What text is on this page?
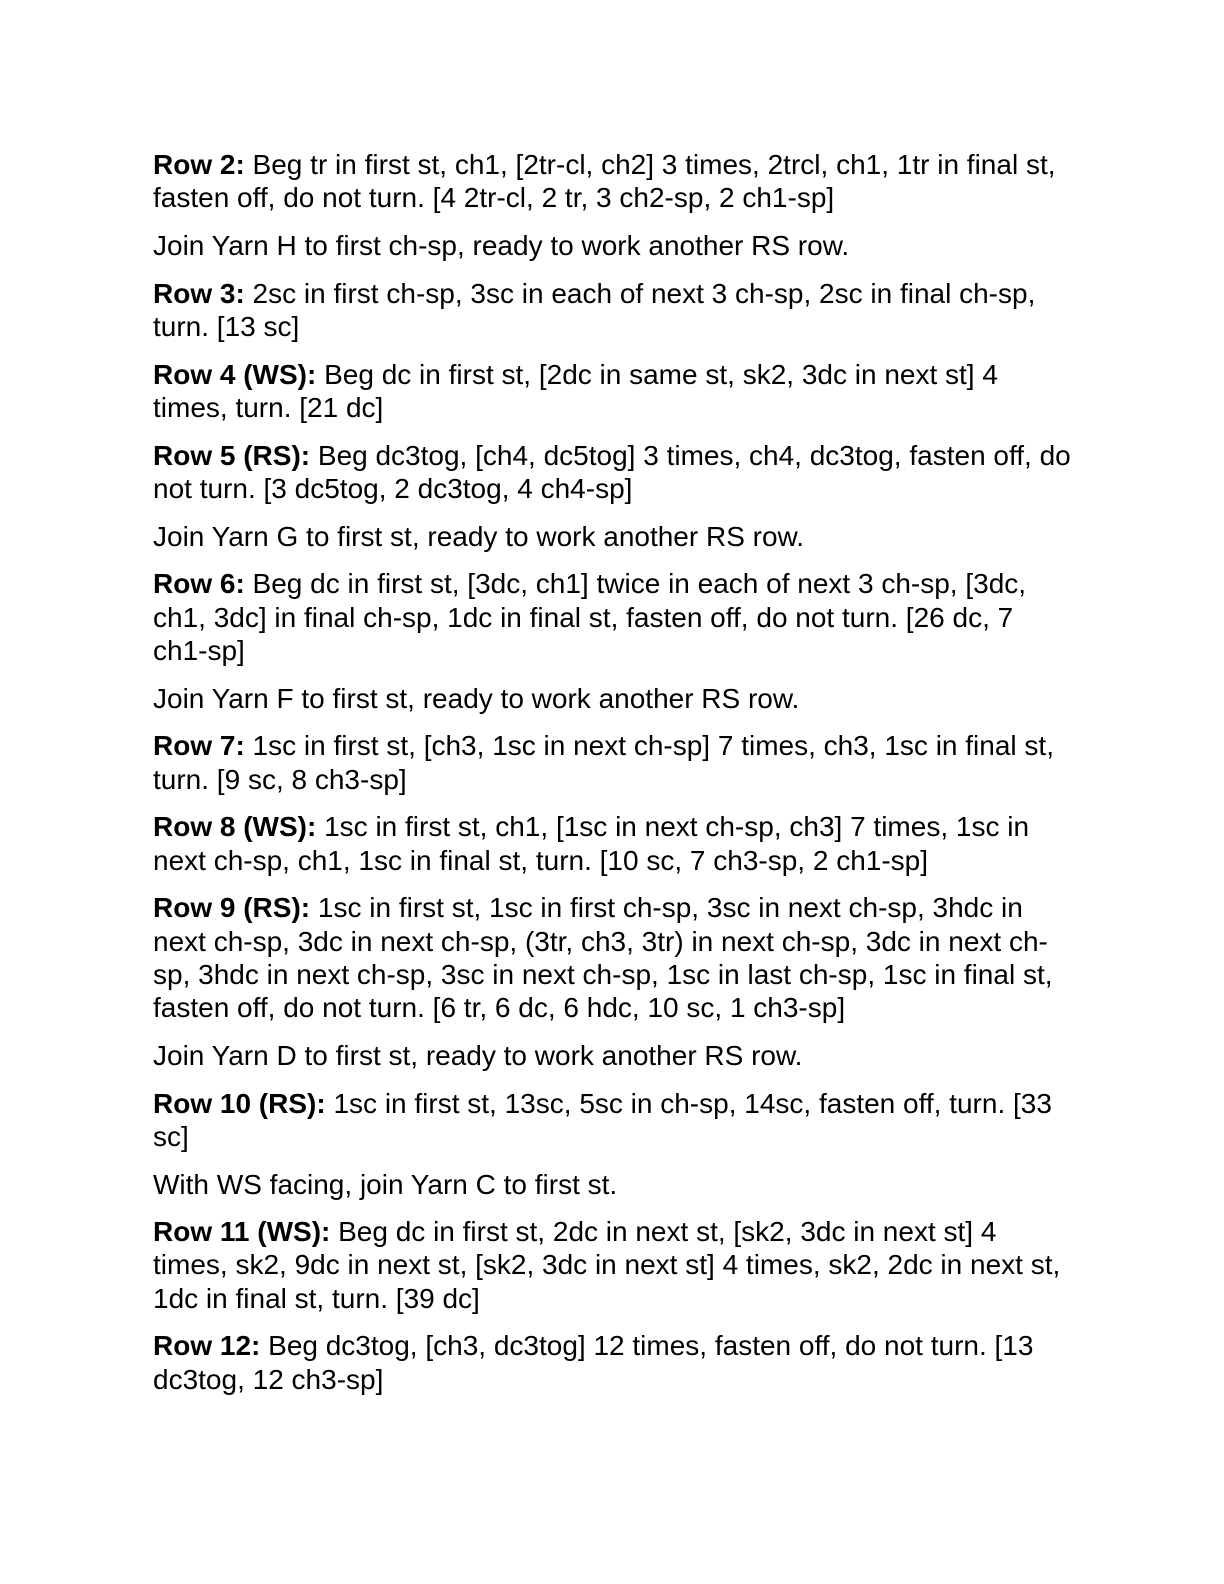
Row 2: Beg tr in first st, ch1, [2tr-cl, ch2] 3 times, 2trcl, ch1, 1tr in final st, fasten off, do not turn. [4 2tr-cl, 2 tr, 3 ch2-sp, 2 ch1-sp]

Join Yarn H to first ch-sp, ready to work another RS row.

Row 3: 2sc in first ch-sp, 3sc in each of next 3 ch-sp, 2sc in final ch-sp, turn. [13 sc]

Row 4 (WS): Beg dc in first st, [2dc in same st, sk2, 3dc in next st] 4 times, turn. [21 dc]

Row 5 (RS): Beg dc3tog, [ch4, dc5tog] 3 times, ch4, dc3tog, fasten off, do not turn. [3 dc5tog, 2 dc3tog, 4 ch4-sp]

Join Yarn G to first st, ready to work another RS row.

Row 6: Beg dc in first st, [3dc, ch1] twice in each of next 3 ch-sp, [3dc, ch1, 3dc] in final ch-sp, 1dc in final st, fasten off, do not turn. [26 dc, 7 ch1-sp]

Join Yarn F to first st, ready to work another RS row.

Row 7: 1sc in first st, [ch3, 1sc in next ch-sp] 7 times, ch3, 1sc in final st, turn. [9 sc, 8 ch3-sp]

Row 8 (WS): 1sc in first st, ch1, [1sc in next ch-sp, ch3] 7 times, 1sc in next ch-sp, ch1, 1sc in final st, turn. [10 sc, 7 ch3-sp, 2 ch1-sp]

Row 9 (RS): 1sc in first st, 1sc in first ch-sp, 3sc in next ch-sp, 3hdc in next ch-sp, 3dc in next ch-sp, (3tr, ch3, 3tr) in next ch-sp, 3dc in next ch-sp, 3hdc in next ch-sp, 3sc in next ch-sp, 1sc in last ch-sp, 1sc in final st, fasten off, do not turn. [6 tr, 6 dc, 6 hdc, 10 sc, 1 ch3-sp]

Join Yarn D to first st, ready to work another RS row.

Row 10 (RS): 1sc in first st, 13sc, 5sc in ch-sp, 14sc, fasten off, turn. [33 sc]

With WS facing, join Yarn C to first st.

Row 11 (WS): Beg dc in first st, 2dc in next st, [sk2, 3dc in next st] 4 times, sk2, 9dc in next st, [sk2, 3dc in next st] 4 times, sk2, 2dc in next st, 1dc in final st, turn. [39 dc]

Row 12: Beg dc3tog, [ch3, dc3tog] 12 times, fasten off, do not turn. [13 dc3tog, 12 ch3-sp]
